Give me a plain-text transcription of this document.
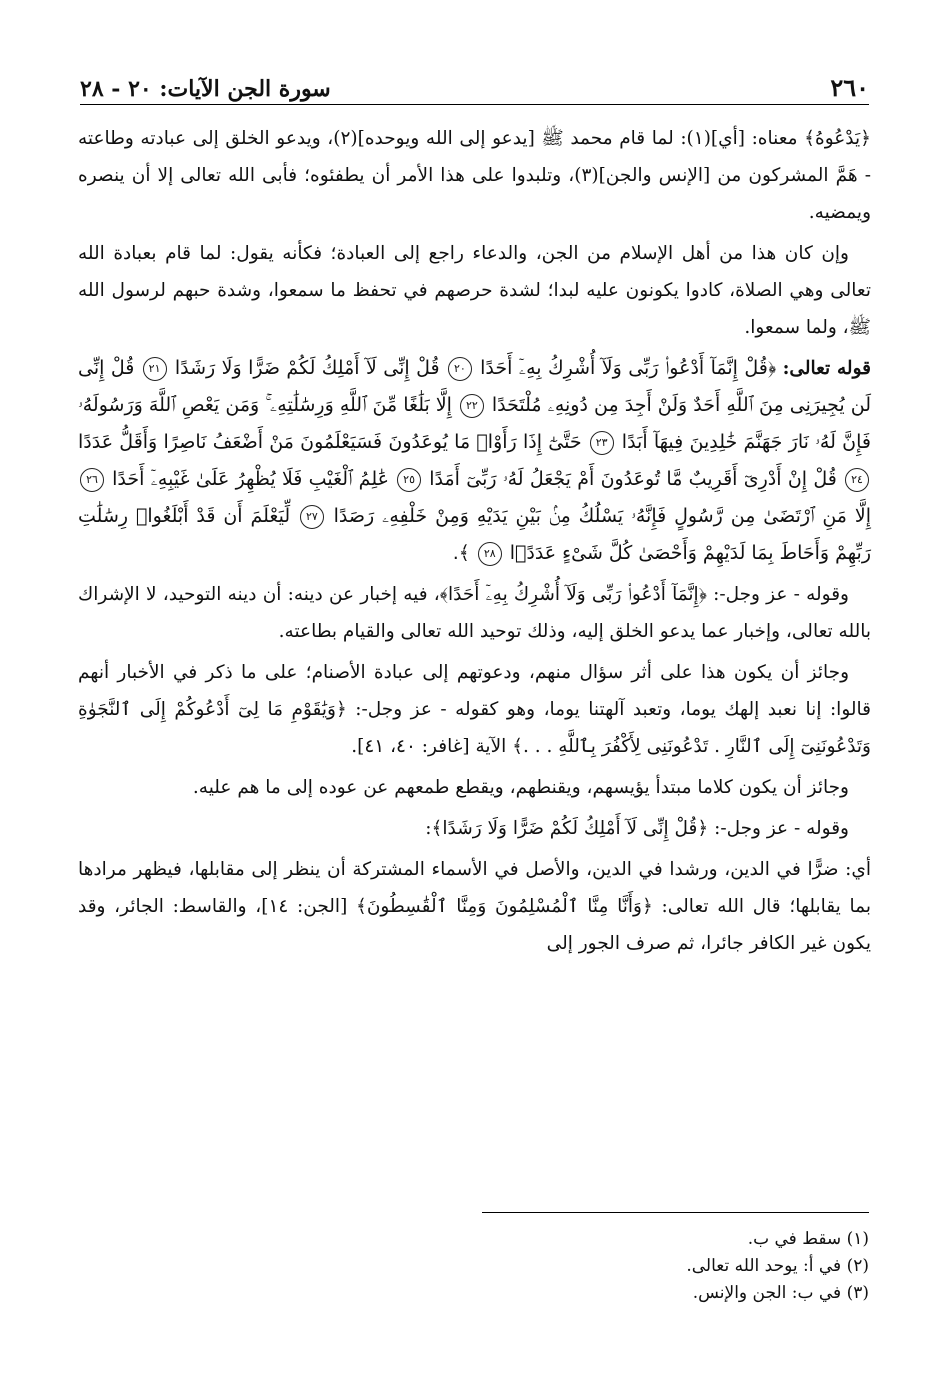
٢٦٠
سورة الجن الآيات: ٢٠ - ٢٨

﴿يَدْعُوهُ﴾ معناه: [أي](١): لما قام محمد ﷺ [يدعو إلى الله ويوحده](٢)، ويدعو الخلق إلى عبادته وطاعته - هَمَّ المشركون من [الإنس والجن](٣)، وتلبدوا على هذا الأمر أن يطفئوه؛ فأبى الله تعالى إلا أن ينصره ويمضيه.

وإن كان هذا من أهل الإسلام من الجن، والدعاء راجع إلى العبادة؛ فكأنه يقول: لما قام بعبادة الله تعالى وهي الصلاة، كادوا يكونون عليه لبدا؛ لشدة حرصهم في تحفظ ما سمعوا، وشدة حبهم لرسول الله ﷺ، ولما سمعوا.

قوله تعالى: ﴿قُلْ إِنَّمَآ أَدْعُوا۟ رَبِّى وَلَآ أُشْرِكُ بِهِۦٓ أَحَدًا ٢٠ قُلْ إِنِّى لَآ أَمْلِكُ لَكُمْ ضَرًّا وَلَا رَشَدًا ٢١ قُلْ إِنِّى لَن يُجِيرَنِى مِنَ ٱللَّهِ أَحَدٌ وَلَنْ أَجِدَ مِن دُونِهِۦ مُلْتَحَدًا ٢٢ إِلَّا بَلَٰغًا مِّنَ ٱللَّهِ وَرِسَٰلَٰتِهِۦ ۚ وَمَن يَعْصِ ٱللَّهَ وَرَسُولَهُۥ فَإِنَّ لَهُۥ نَارَ جَهَنَّمَ خَٰلِدِينَ فِيهَآ أَبَدًا ٢٣ حَتَّىٰٓ إِذَا رَأَوْا۟ مَا يُوعَدُونَ فَسَيَعْلَمُونَ مَنْ أَضْعَفُ نَاصِرًا وَأَقَلُّ عَدَدًا ٢٤ قُلْ إِنْ أَدْرِىٓ أَقَرِيبٌ مَّا تُوعَدُونَ أَمْ يَجْعَلُ لَهُۥ رَبِّىٓ أَمَدًا ٢٥ عَٰلِمُ ٱلْغَيْبِ فَلَا يُظْهِرُ عَلَىٰ غَيْبِهِۦٓ أَحَدًا ٢٦ إِلَّا مَنِ ٱرْتَضَىٰ مِن رَّسُولٍ فَإِنَّهُۥ يَسْلُكُ مِنۢ بَيْنِ يَدَيْهِ وَمِنْ خَلْفِهِۦ رَصَدًا ٢٧ لِّيَعْلَمَ أَن قَدْ أَبْلَغُوا۟ رِسَٰلَٰتِ رَبِّهِمْ وَأَحَاطَ بِمَا لَدَيْهِمْ وَأَحْصَىٰ كُلَّ شَىْءٍ عَدَدًۢا ٢٨ ﴾.

وقوله - عز وجل-: ﴿إِنَّمَآ أَدْعُوا۟ رَبِّى وَلَآ أُشْرِكُ بِهِۦٓ أَحَدًا﴾، فيه إخبار عن دينه: أن دينه التوحيد، لا الإشراك بالله تعالى، وإخبار عما يدعو الخلق إليه، وذلك توحيد الله تعالى والقيام بطاعته.

وجائز أن يكون هذا على أثر سؤال منهم، ودعوتهم إلى عبادة الأصنام؛ على ما ذكر في الأخبار أنهم قالوا: إنا نعبد إلهك يوما، وتعبد آلهتنا يوما، وهو كقوله - عز وجل-: ﴿وَيَٰقَوْمِ مَا لِىٓ أَدْعُوكُمْ إِلَى ٱلنَّجَوٰةِ وَتَدْعُونَنِىٓ إِلَى ٱلنَّارِ . تَدْعُونَنِى لِأَكْفُرَ بِٱللَّهِ . . .﴾ الآية [غافر: ٤٠، ٤١].

وجائز أن يكون كلاما مبتدأ يؤيسهم، ويقنطهم، ويقطع طمعهم عن عوده إلى ما هم عليه.

وقوله - عز وجل-: ﴿قُلْ إِنِّى لَآ أَمْلِكُ لَكُمْ ضَرًّا وَلَا رَشَدًا﴾:

أي: ضرًّا في الدين، ورشدا في الدين، والأصل في الأسماء المشتركة أن ينظر إلى مقابلها، فيظهر مرادها بما يقابلها؛ قال الله تعالى: ﴿وَأَنَّا مِنَّا ٱلْمُسْلِمُونَ وَمِنَّا ٱلْقَٰسِطُونَ﴾ [الجن: ١٤]، والقاسط: الجائر، وقد يكون غير الكافر جائرا، ثم صرف الجور إلى

(١) سقط في ب.
(٢) في أ: يوحد الله تعالى.
(٣) في ب: الجن والإنس.
